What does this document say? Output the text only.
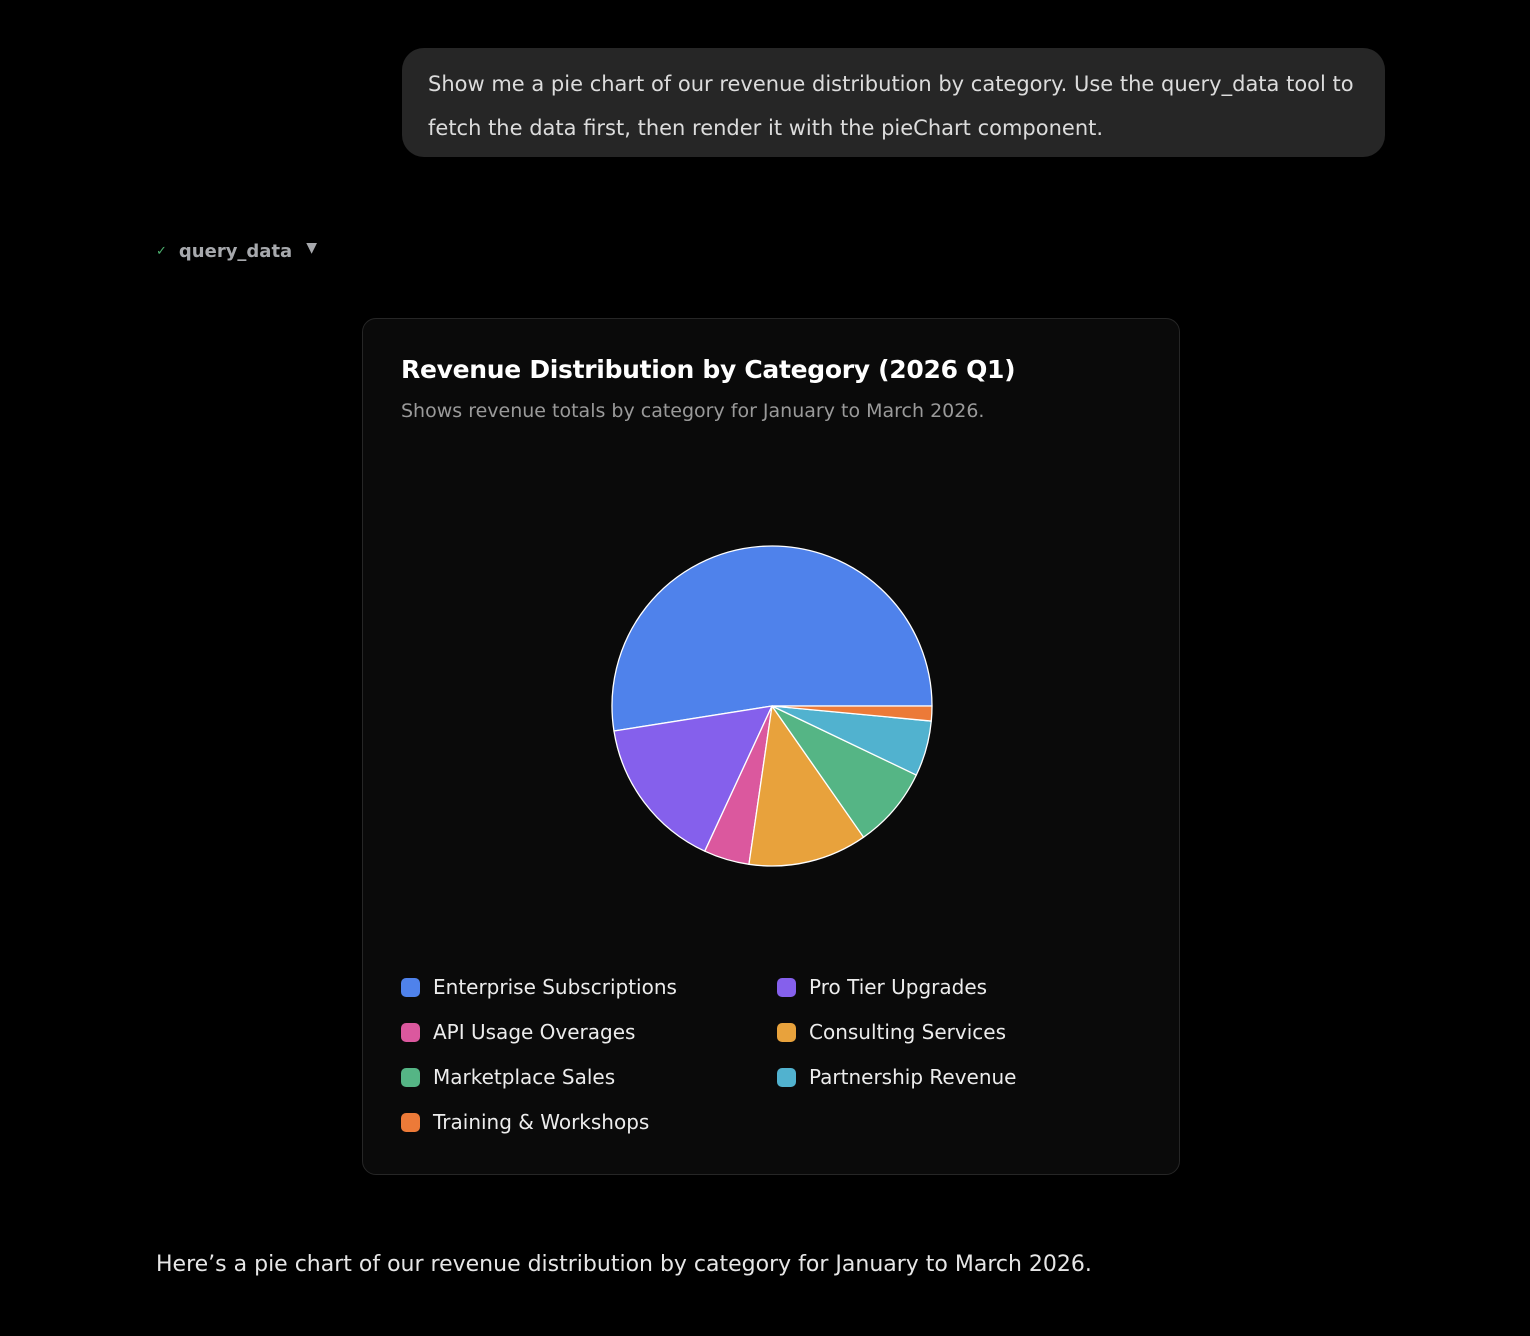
Show me a pie chart of our revenue distribution by category. Use the query_data tool to fetch the data first, then render it with the pieChart component.
✓ query_data ▼
Revenue Distribution by Category (2026 Q1)
Shows revenue totals by category for January to March 2026.
Enterprise Subscriptions	Pro Tier Upgrades
API Usage Overages	Consulting Services
Marketplace Sales	Partnership Revenue
Training & Workshops
Here’s a pie chart of our revenue distribution by category for January to March 2026.
